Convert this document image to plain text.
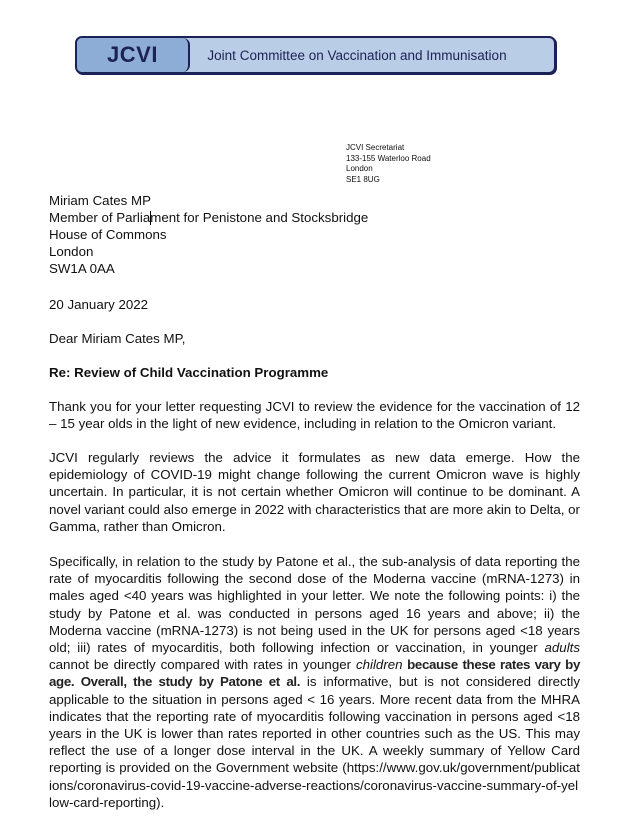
JCVI	Joint Committee on Vaccination and Immunisation
JCVI Secretariat
133-155 Waterloo Road
London
SE1 8UG
Miriam Cates MP
Member of Parliament for Penistone and Stocksbridge
House of Commons
London
SW1A 0AA
20 January 2022
Dear Miriam Cates MP,
Re: Review of Child Vaccination Programme
Thank you for your letter requesting JCVI to review the evidence for the vaccination of 12 – 15 year olds in the light of new evidence, including in relation to the Omicron variant.
JCVI regularly reviews the advice it formulates as new data emerge. How the epidemiology of COVID-19 might change following the current Omicron wave is highly uncertain. In particular, it is not certain whether Omicron will continue to be dominant. A novel variant could also emerge in 2022 with characteristics that are more akin to Delta, or Gamma, rather than Omicron.
Specifically, in relation to the study by Patone et al., the sub-analysis of data reporting the rate of myocarditis following the second dose of the Moderna vaccine (mRNA-1273) in males aged <40 years was highlighted in your letter. We note the following points: i) the study by Patone et al. was conducted in persons aged 16 years and above; ii) the Moderna vaccine (mRNA-1273) is not being used in the UK for persons aged <18 years old; iii) rates of myocarditis, both following infection or vaccination, in younger adults cannot be directly compared with rates in younger children because these rates vary by age. Overall, the study by Patone et al. is informative, but is not considered directly applicable to the situation in persons aged < 16 years. More recent data from the MHRA indicates that the reporting rate of myocarditis following vaccination in persons aged <18 years in the UK is lower than rates reported in other countries such as the US. This may reflect the use of a longer dose interval in the UK. A weekly summary of Yellow Card reporting is provided on the Government website (https://www.gov.uk/government/publications/coronavirus-covid-19-vaccine-adverse-reactions/coronavirus-vaccine-summary-of-yellow-card-reporting).
